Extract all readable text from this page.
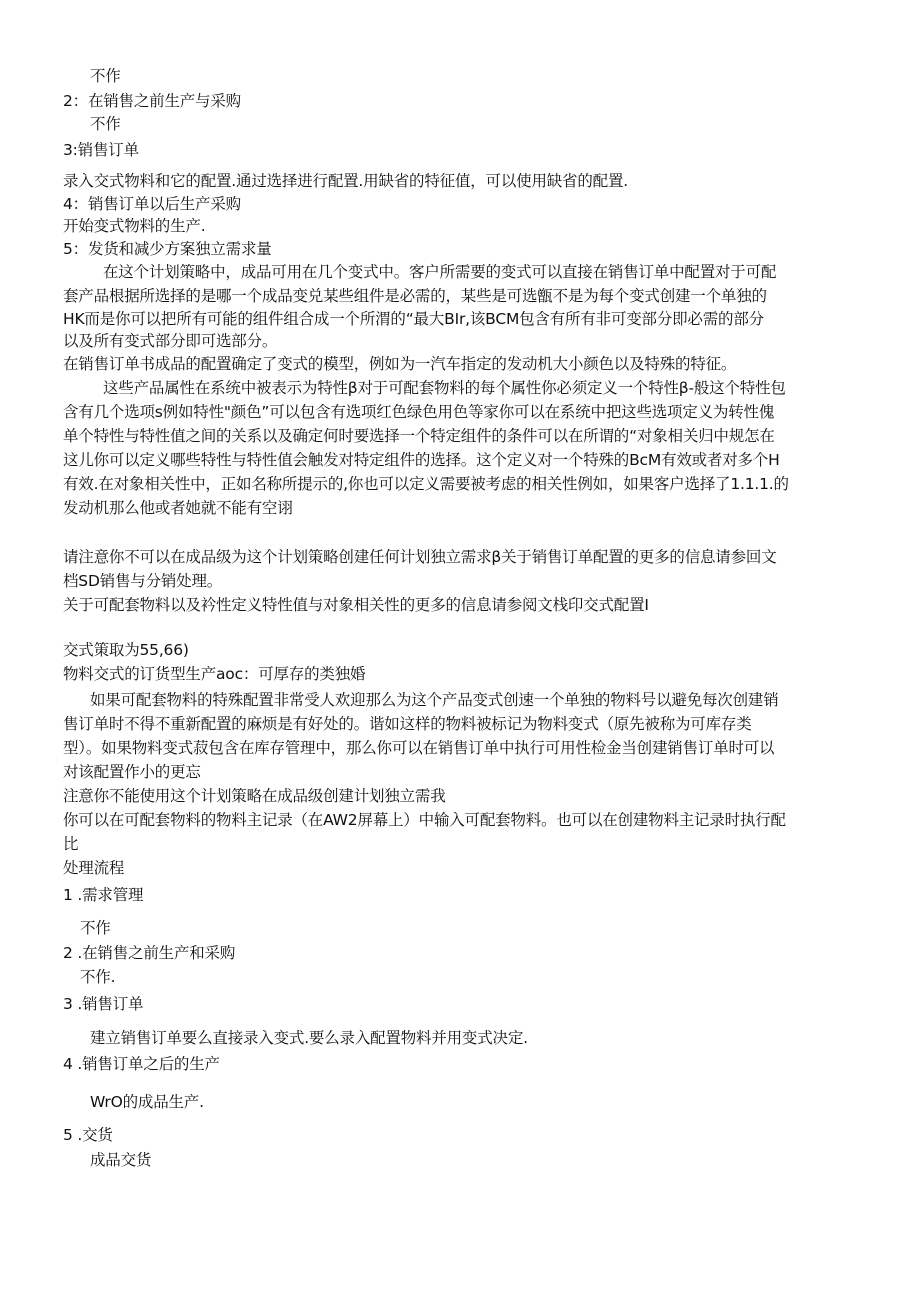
不作
2：在销售之前生产与采购
不作
3:销售订单
录入交式物料和它的配置.通过选择进行配置.用缺省的特征值，可以使用缺省的配置.
4：销售订单以后生产采购
开始变式物料的生产.
5：发货和减少方案独立需求量
在这个计划策略中，成品可用在几个变式中。客户所需要的变式可以直接在销售订单中配置对于可配
套产品根据所选择的是哪一个成品变兑某些组件是必需的，某些是可选甑不是为每个变式创建一个单独的
HK而是你可以把所有可能的组件组合成一个所渭的“最大BIr,该BCM包含有所有非可变部分即必需的部分
以及所有变式部分即可选部分。
在销售订单书成品的配置确定了变式的模型，例如为一汽车指定的发动机大小颜色以及特殊的特征。
这些产品属性在系统中被表示为特性β对于可配套物料的每个属性你必须定义一个特性β-般这个特性包
含有几个选项s例如特性"颜色”可以包含有选项红色绿色用色等家你可以在系统中把这些选项定义为转性傀
单个特性与特性值之间的关系以及确定何时要选择一个特定组件的条件可以在所谓的“对象相关归中规怎在
这儿你可以定义哪些特性与特性值会触发对特定组件的选择。这个定义对一个特殊的BcM有效或者对多个H
有效.在对象相关性中，正如名称所提示的,你也可以定义需要被考虑的相关性例如，如果客户选择了1.1.1.的
发动机那么他或者她就不能有空诩
请注意你不可以在成品级为这个计划策略创建任何计划独立需求β关于销售订单配置的更多的信息请参回文
档SD销售与分销处理。
关于可配套物料以及衿性定义特性值与对象相关性的更多的信息请参阅文栈印交式配置I
交式策取为55,66)
物料交式的订货型生产aoc：可厚存的类独婚
如果可配套物料的特殊配置非常受人欢迎那么为这个产品变式创速一个单独的物料号以避免每次创建销
售订单时不得不重新配置的麻烦是有好处的。谐如这样的物料被标记为物料变式（原先被称为可库存类
型）。如果物料变式菽包含在库存管理中，那么你可以在销售订单中执行可用性检金当创建销售订单时可以
对该配置作小的更忘
注意你不能使用这个计划策略在成品级创建计划独立需我
你可以在可配套物料的物料主记录（在AW2屏幕上）中输入可配套物料。也可以在创建物料主记录时执行配
比
处理流程
1 .需求管理
不作
2 .在销售之前生产和采购
不作.
3 .销售订单
建立销售订单要么直接录入变式.要么录入配置物料并用变式决定.
4 .销售订单之后的生产
WrO的成品生产.
5 .交货
成品交货
